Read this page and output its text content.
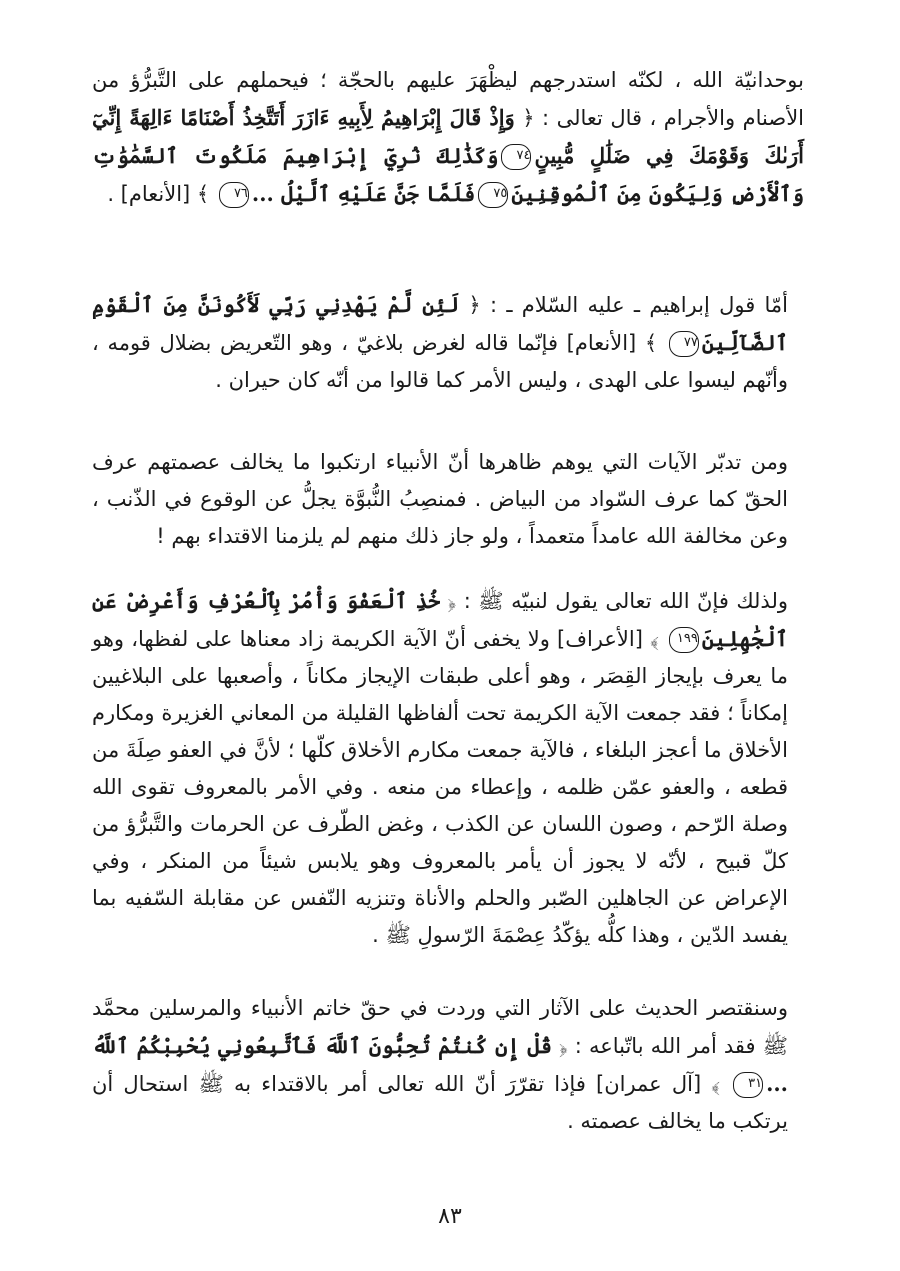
بوحدانيّة الله ، لكنّه استدرجهم ليظْهَرَ عليهم بالحجّة ؛ فيحملهم على التَّبرُّؤ من الأصنام والأجرام ، قال تعالى : ﴿ وَإِذْ قَالَ إِبْرَاهِيمُ لِأَبِيهِ ءَازَرَ أَتَتَّخِذُ أَصْنَامًا ءَالِهَةً إِنِّيٓ أَرَىٰكَ وَقَوْمَكَ فِي ضَلَٰلٍ مُّبِينٍ٧٤وَكَذَٰلِكَ نُرِيٓ إِبْرَاهِيمَ مَلَكُوتَ ٱلسَّمَٰوَٰتِ وَٱلْأَرْضِ وَلِيَكُونَ مِنَ ٱلْمُوقِنِينَ٧٥فَلَمَّا جَنَّ عَلَيْهِ ٱلَّيْلُ ...٧٦ ﴾ [الأنعام] .

أمّا قول إبراهيم ـ عليه السّلام ـ : ﴿ لَئِن لَّمْ يَهْدِنِي رَبِّي لَأَكُونَنَّ مِنَ ٱلْقَوْمِ ٱلضَّآلِّينَ٧٧ ﴾ [الأنعام] فإنّما قاله لغرض بلاغيّ ، وهو التّعريض بضلال قومه ، وأنّهم ليسوا على الهدى ، وليس الأمر كما قالوا من أنّه كان حيران .

ومن تدبّر الآيات التي يوهم ظاهرها أنّ الأنبياء ارتكبوا ما يخالف عصمتهم عرف الحقّ كما عرف السّواد من البياض . فمنصِبُ النُّبوَّة يجلُّ عن الوقوع في الذّنب ، وعن مخالفة الله عامداً متعمداً ، ولو جاز ذلك منهم لم يلزمنا الاقتداء بهم !

ولذلك فإنّ الله تعالى يقول لنبيّه ﷺ : ﴿ خُذِ ٱلْعَفْوَ وَأْمُرْ بِٱلْعُرْفِ وَأَعْرِضْ عَنِ ٱلْجَٰهِلِينَ١٩٩ ﴾ [الأعراف] ولا يخفى أنّ الآية الكريمة زاد معناها على لفظها، وهو ما يعرف بإيجاز القِصَر ، وهو أعلى طبقات الإيجاز مكاناً ، وأصعبها على البلاغيين إمكاناً ؛ فقد جمعت الآية الكريمة تحت ألفاظها القليلة من المعاني الغزيرة ومكارم الأخلاق ما أعجز البلغاء ، فالآية جمعت مكارم الأخلاق كلّها ؛ لأنَّ في العفو صِلَةَ من قطعه ، والعفو عمّن ظلمه ، وإعطاء من منعه . وفي الأمر بالمعروف تقوى الله وصلة الرّحم ، وصون اللسان عن الكذب ، وغض الطّرف عن الحرمات والتَّبرُّؤ من كلّ قبيح ، لأنّه لا يجوز أن يأمر بالمعروف وهو يلابس شيئاً من المنكر ، وفي الإعراض عن الجاهلين الصّبر والحلم والأناة وتنزيه النّفس عن مقابلة السّفيه بما يفسد الدّين ، وهذا كلُّه يؤكّدُ عِصْمَةَ الرّسولِ ﷺ .

وسنقتصر الحديث على الآثار التي وردت في حقّ خاتم الأنبياء والمرسلين محمَّد ﷺ فقد أمر الله باتّباعه : ﴿ قُلْ إِن كُنتُمْ تُحِبُّونَ ٱللَّهَ فَٱتَّبِعُونِي يُحْبِبْكُمُ ٱللَّهُ ...٣١ ﴾ [آل عمران] فإذا تقرّرَ أنّ الله تعالى أمر بالاقتداء به ﷺ استحال أن يرتكب ما يخالف عصمته .

٨٣
